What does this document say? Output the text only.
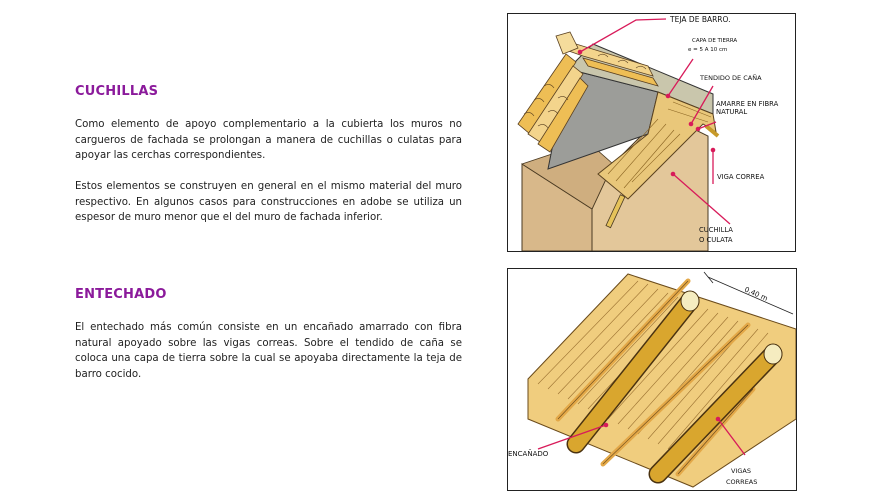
CUCHILLAS

Como elemento de apoyo complementario a la cubierta los muros no cargueros de fachada se prolongan a manera de cuchillas o culatas para apoyar las cerchas correspondientes.

Estos elementos se construyen en general en el mismo material del muro respectivo. En algunos casos para construcciones en adobe se utiliza un espesor de muro menor que el del muro de fachada inferior.

ENTECHADO

El entechado más común consiste en un encañado amarrado con fibra natural apoyado sobre las vigas correas. Sobre el tendido de caña se coloca una capa de tierra sobre la cual se apoyaba directamente la teja de barro cocido.

TEJA DE BARRO.
CAPA DE TIERRA
e = 5 A 10 cm
TENDIDO DE CAÑA
AMARRE EN FIBRA
NATURAL
VIGA CORREA
CUCHILLA
O CULATA
0,40 m
ENCAÑADO
VIGAS
CORREAS
